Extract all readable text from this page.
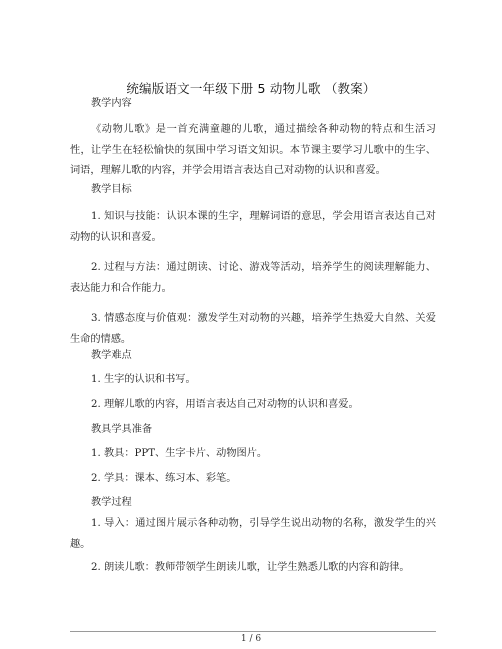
统编版语文一年级下册 5 动物儿歌 （教案）
教学内容
《动物儿歌》是一首充满童趣的儿歌，通过描绘各种动物的特点和生活习性，让学生在轻松愉快的氛围中学习语文知识。本节课主要学习儿歌中的生字、词语，理解儿歌的内容，并学会用语言表达自己对动物的认识和喜爱。
教学目标
1. 知识与技能：认识本课的生字，理解词语的意思，学会用语言表达自己对动物的认识和喜爱。
2. 过程与方法：通过朗读、讨论、游戏等活动，培养学生的阅读理解能力、表达能力和合作能力。
3. 情感态度与价值观：激发学生对动物的兴趣，培养学生热爱大自然、关爱生命的情感。
教学难点
1. 生字的认识和书写。
2. 理解儿歌的内容，用语言表达自己对动物的认识和喜爱。
教具学具准备
1. 教具：PPT、生字卡片、动物图片。
2. 学具：课本、练习本、彩笔。
教学过程
1. 导入：通过图片展示各种动物，引导学生说出动物的名称，激发学生的兴趣。
2. 朗读儿歌：教师带领学生朗读儿歌，让学生熟悉儿歌的内容和韵律。
1 / 6
